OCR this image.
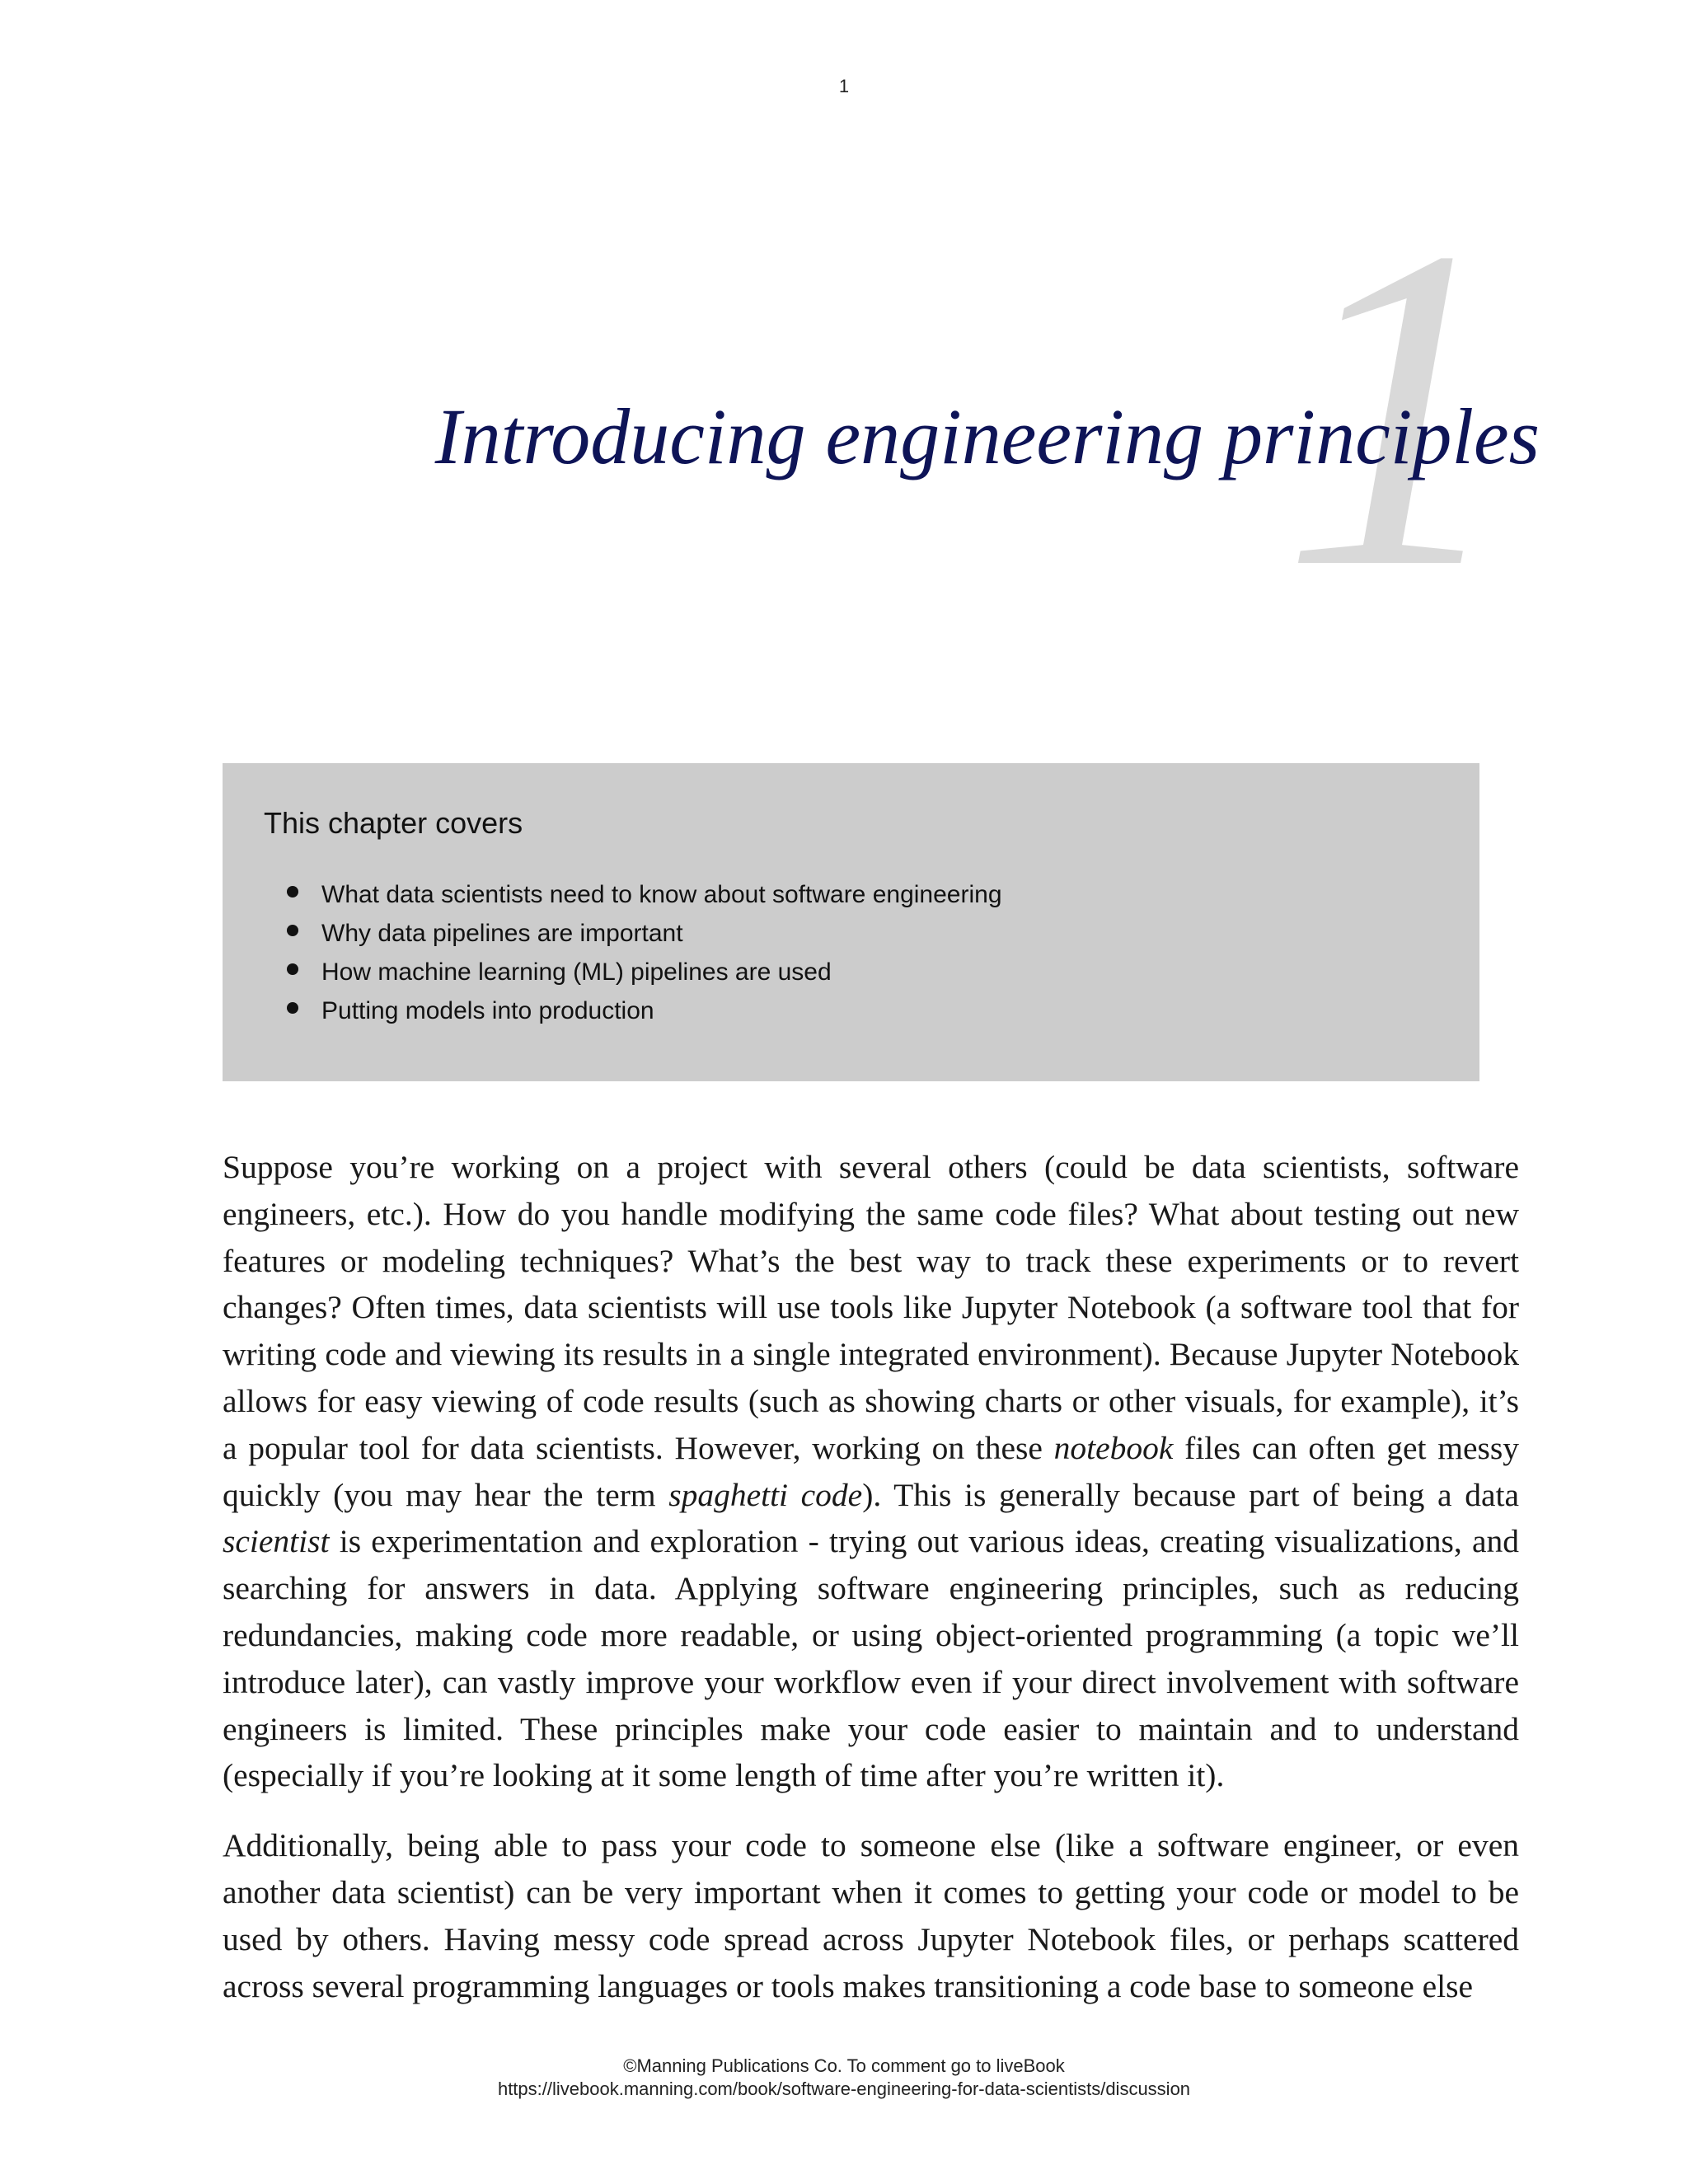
1
1
Introducing engineering principles
This chapter covers
What data scientists need to know about software engineering
Why data pipelines are important
How machine learning (ML) pipelines are used
Putting models into production

Suppose you’re working on a project with several others (could be data scientists, software engineers, etc.). How do you handle modifying the same code files? What about testing out new features or modeling techniques? What’s the best way to track these experiments or to revert changes? Often times, data scientists will use tools like Jupyter Notebook (a software tool that for writing code and viewing its results in a single integrated environment). Because Jupyter Notebook allows for easy viewing of code results (such as showing charts or other visuals, for example), it’s a popular tool for data scientists. However, working on these notebook files can often get messy quickly (you may hear the term spaghetti code). This is generally because part of being a data scientist is experimentation and exploration - trying out various ideas, creating visualizations, and searching for answers in data. Applying software engineering principles, such as reducing redundancies, making code more readable, or using object-oriented programming (a topic we’ll introduce later), can vastly improve your workflow even if your direct involvement with software engineers is limited. These principles make your code easier to maintain and to understand (especially if you’re looking at it some length of time after you’re written it).

Additionally, being able to pass your code to someone else (like a software engineer, or even another data scientist) can be very important when it comes to getting your code or model to be used by others. Having messy code spread across Jupyter Notebook files, or perhaps scattered across several programming languages or tools makes transitioning a code base to someone else

©Manning Publications Co. To comment go to liveBook
https://livebook.manning.com/book/software-engineering-for-data-scientists/discussion
